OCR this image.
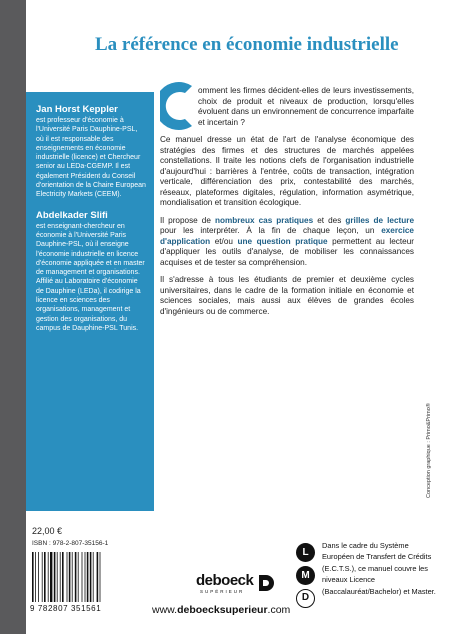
La référence en économie industrielle
Jan Horst Keppler
est professeur d'économie à l'Université Paris Dauphine-PSL, où il est responsable des enseignements en économie industrielle (licence) et Chercheur senior au LEDa-CGEMP. Il est également Président du Conseil d'orientation de la Chaire European Electricity Markets (CEEM).
Abdelkader Slifi
est enseignant-chercheur en économie à l'Université Paris Dauphine-PSL, où il enseigne l'économie industrielle en licence d'économie appliquée et en master de management et organisations. Affilié au Laboratoire d'économie de Dauphine (LEDa), il codirige la licence en sciences des organisations, management et gestion des organisations, du campus de Dauphine-PSL Tunis.

omment les firmes décident-elles de leurs investissements, choix de produit et niveaux de production, lorsqu'elles évoluent dans un environnement de concurrence imparfaite et incertain ?

Ce manuel dresse un état de l'art de l'analyse économique des stratégies des firmes et des structures de marchés appelées constellations. Il traite les notions clefs de l'organisation industrielle d'aujourd'hui : barrières à l'entrée, coûts de transaction, intégration verticale, différenciation des prix, contestabilité des marchés, réseaux, plateformes digitales, régulation, information asymétrique, mondialisation et transition écologique.

Il propose de nombreux cas pratiques et des grilles de lecture pour les interpréter. À la fin de chaque leçon, un exercice d'application et/ou une question pratique permettent au lecteur d'appliquer les outils d'analyse, de mobiliser les connaissances acquises et de tester sa compréhension.

Il s'adresse à tous les étudiants de premier et deuxième cycles universitaires, dans le cadre de la formation initiale en économie et sciences sociales, mais aussi aux élèves de grandes écoles d'ingénieurs ou de commerce.

Conception graphique : Primo&Primo®
22,00 €
ISBN : 978-2-807-35156-1
9 782807 351561
deboeck
SUPÉRIEUR
www.deboecksuperieur.com
L
M
D
Dans le cadre du Système Européen de Transfert de Crédits (E.C.T.S.), ce manuel couvre les niveaux Licence (Baccalauréat/Bachelor) et Master.
